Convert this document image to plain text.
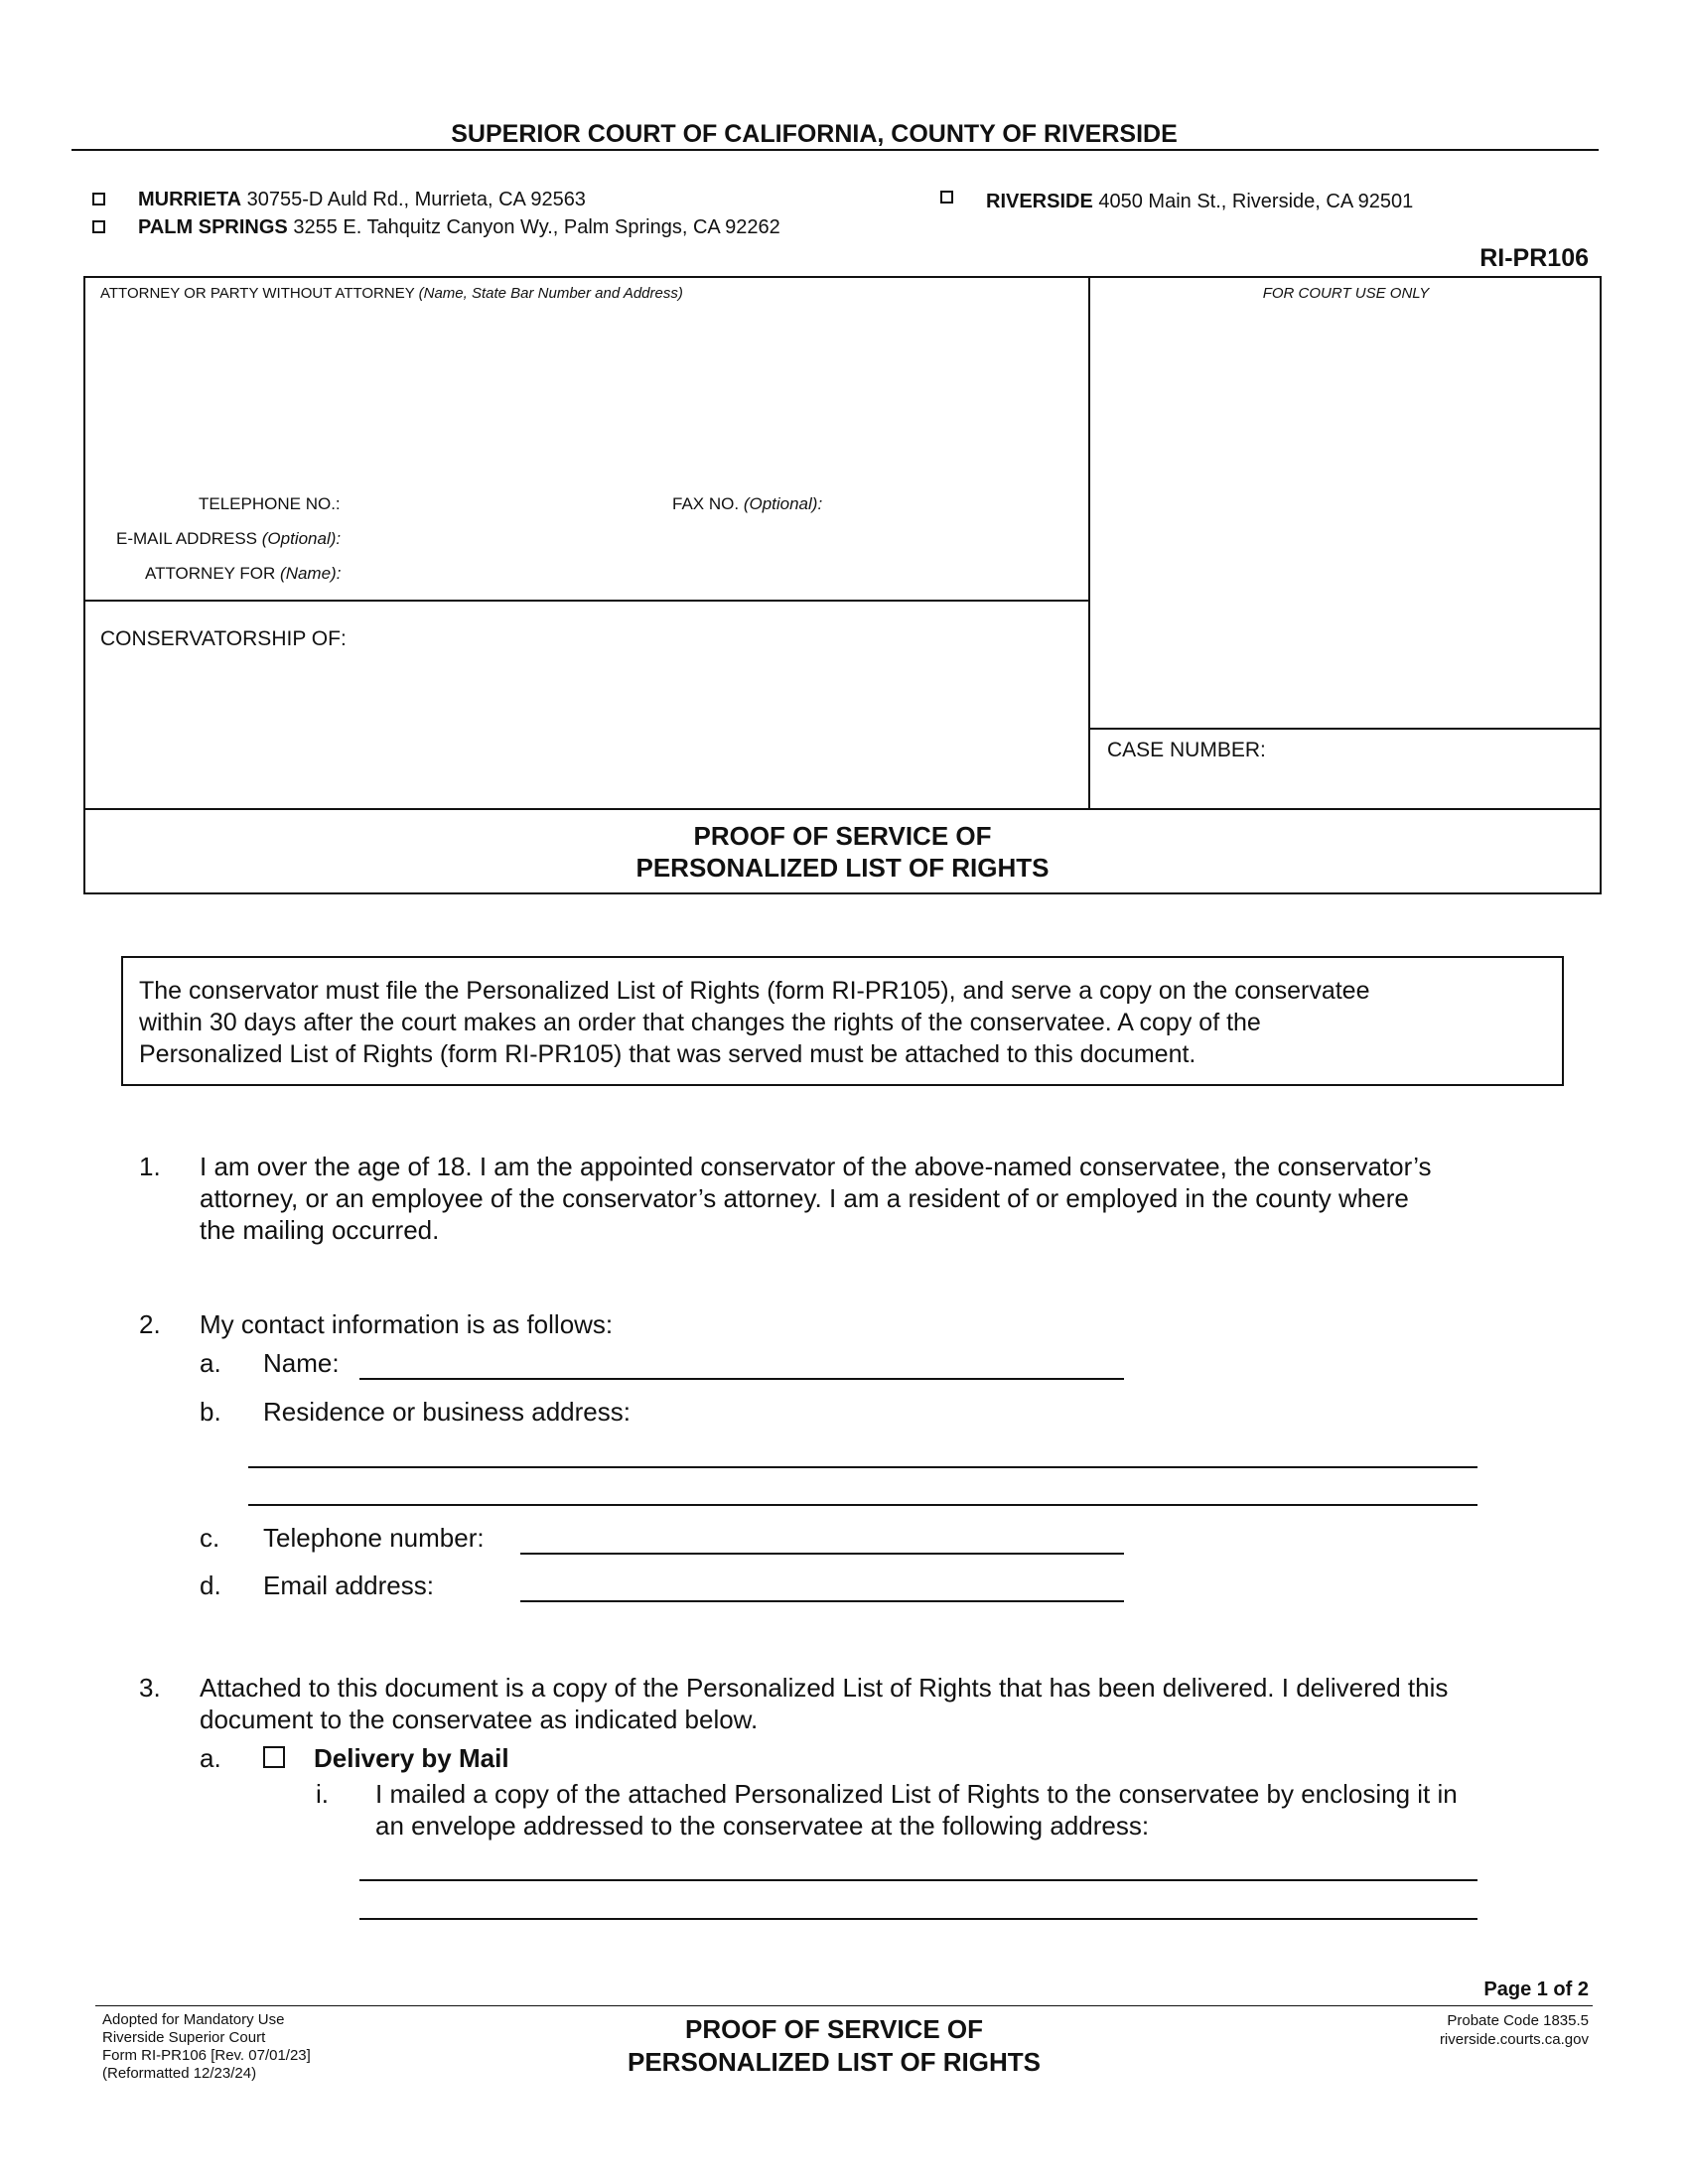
SUPERIOR COURT OF CALIFORNIA, COUNTY OF RIVERSIDE
MURRIETA 30755-D Auld Rd., Murrieta, CA 92563
PALM SPRINGS 3255 E. Tahquitz Canyon Wy., Palm Springs, CA 92262
RIVERSIDE 4050 Main St., Riverside, CA 92501
RI-PR106
ATTORNEY OR PARTY WITHOUT ATTORNEY (Name, State Bar Number and Address)	FOR COURT USE ONLY
TELEPHONE NO.:	FAX NO. (Optional):
E-MAIL ADDRESS (Optional):
ATTORNEY FOR (Name):
CONSERVATORSHIP OF:
CASE NUMBER:
PROOF OF SERVICE OF
PERSONALIZED LIST OF RIGHTS
The conservator must file the Personalized List of Rights (form RI-PR105), and serve a copy on the conservatee
within 30 days after the court makes an order that changes the rights of the conservatee. A copy of the
Personalized List of Rights (form RI-PR105) that was served must be attached to this document.
1. I am over the age of 18. I am the appointed conservator of the above-named conservatee, the conservator’s
attorney, or an employee of the conservator’s attorney. I am a resident of or employed in the county where
the mailing occurred.
2. My contact information is as follows:
a. Name:
b. Residence or business address:
c. Telephone number:
d. Email address:
3. Attached to this document is a copy of the Personalized List of Rights that has been delivered. I delivered this
document to the conservatee as indicated below.
a.	Delivery by Mail
i. I mailed a copy of the attached Personalized List of Rights to the conservatee by enclosing it in
an envelope addressed to the conservatee at the following address:
Page 1 of 2
Adopted for Mandatory Use
Riverside Superior Court
Form RI-PR106 [Rev. 07/01/23]
(Reformatted 12/23/24)
PROOF OF SERVICE OF
PERSONALIZED LIST OF RIGHTS
Probate Code 1835.5
riverside.courts.ca.gov
